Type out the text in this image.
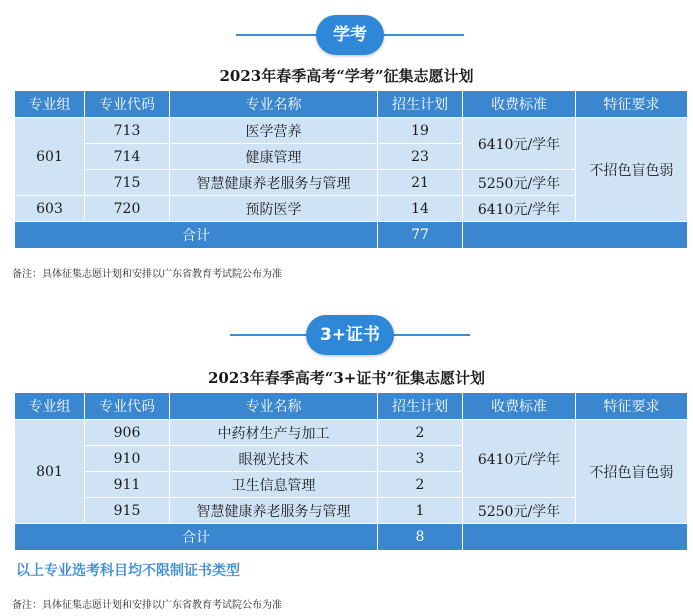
学考
2023年春季高考“学考”征集志愿计划
专业组	专业代码	专业名称	招生计划	收费标准	特征要求
601	713	医学营养	19	6410元/学年	不招色盲色弱
	714	健康管理	23		
	715	智慧健康养老服务与管理	21	5250元/学年	
603	720	预防医学	14	6410元/学年	
合计			77		
备注：具体征集志愿计划和安排以广东省教育考试院公布为准
3+证书
2023年春季高考“3+证书”征集志愿计划
专业组	专业代码	专业名称	招生计划	收费标准	特征要求
801	906	中药材生产与加工	2	6410元/学年	不招色盲色弱
	910	眼视光技术	3		
	911	卫生信息管理	2		
	915	智慧健康养老服务与管理	1	5250元/学年	
合计			8		
以上专业选考科目均不限制证书类型
备注：具体征集志愿计划和安排以广东省教育考试院公布为准
